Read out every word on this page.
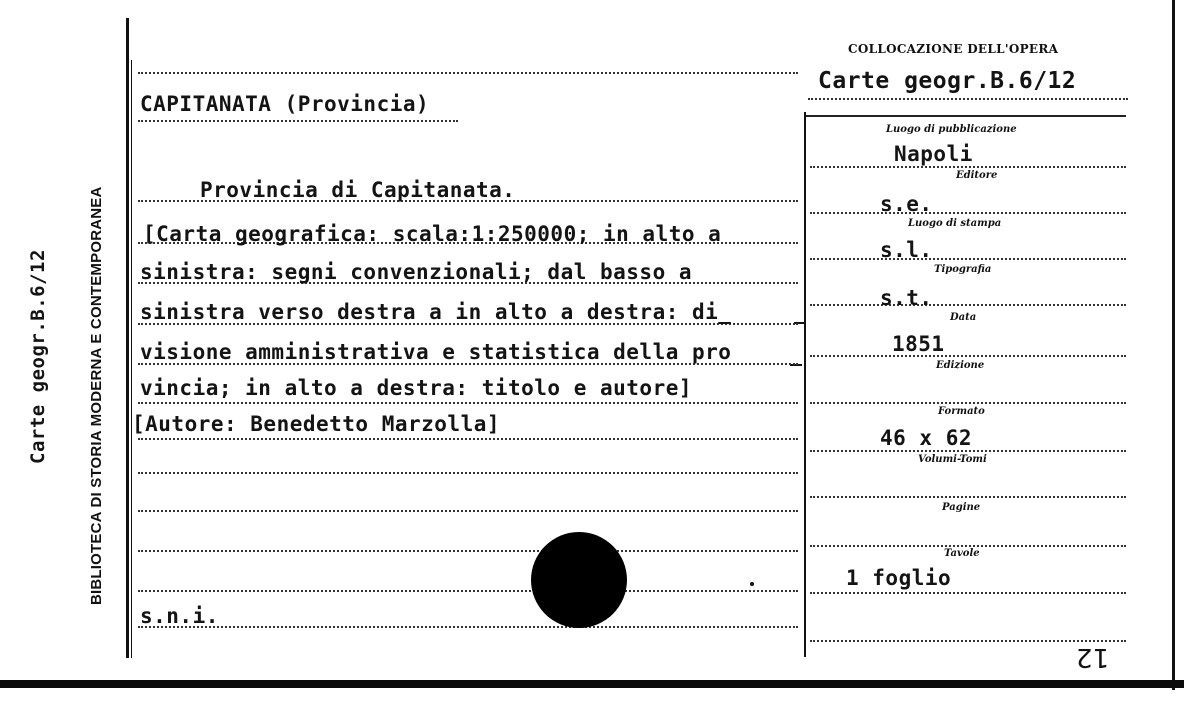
BIBLIOTECA DI STORIA MODERNA E CONTEMPORANEA
Carte geogr.B.6/12
COLLOCAZIONE DELL'OPERA
Carte geogr.B.6/12
CAPITANATA (Provincia)
Provincia di Capitanata.
[Carta geografica: scala:1:250000; in alto a
sinistra: segni convenzionali; dal basso a
sinistra verso destra a in alto a destra: di_
visione amministrativa e statistica della pro
vincia; in alto a destra: titolo e autore]
[Autore: Benedetto Marzolla]
s.n.i.
Luogo di pubblicazione
Napoli
Editore
s.e.
Luogo di stampa
s.l.
Tipografia
s.t.
Data
1851
Edizione
Formato
46 x 62
Volumi-Tomi
Pagine
Tavole
1 foglio
12
